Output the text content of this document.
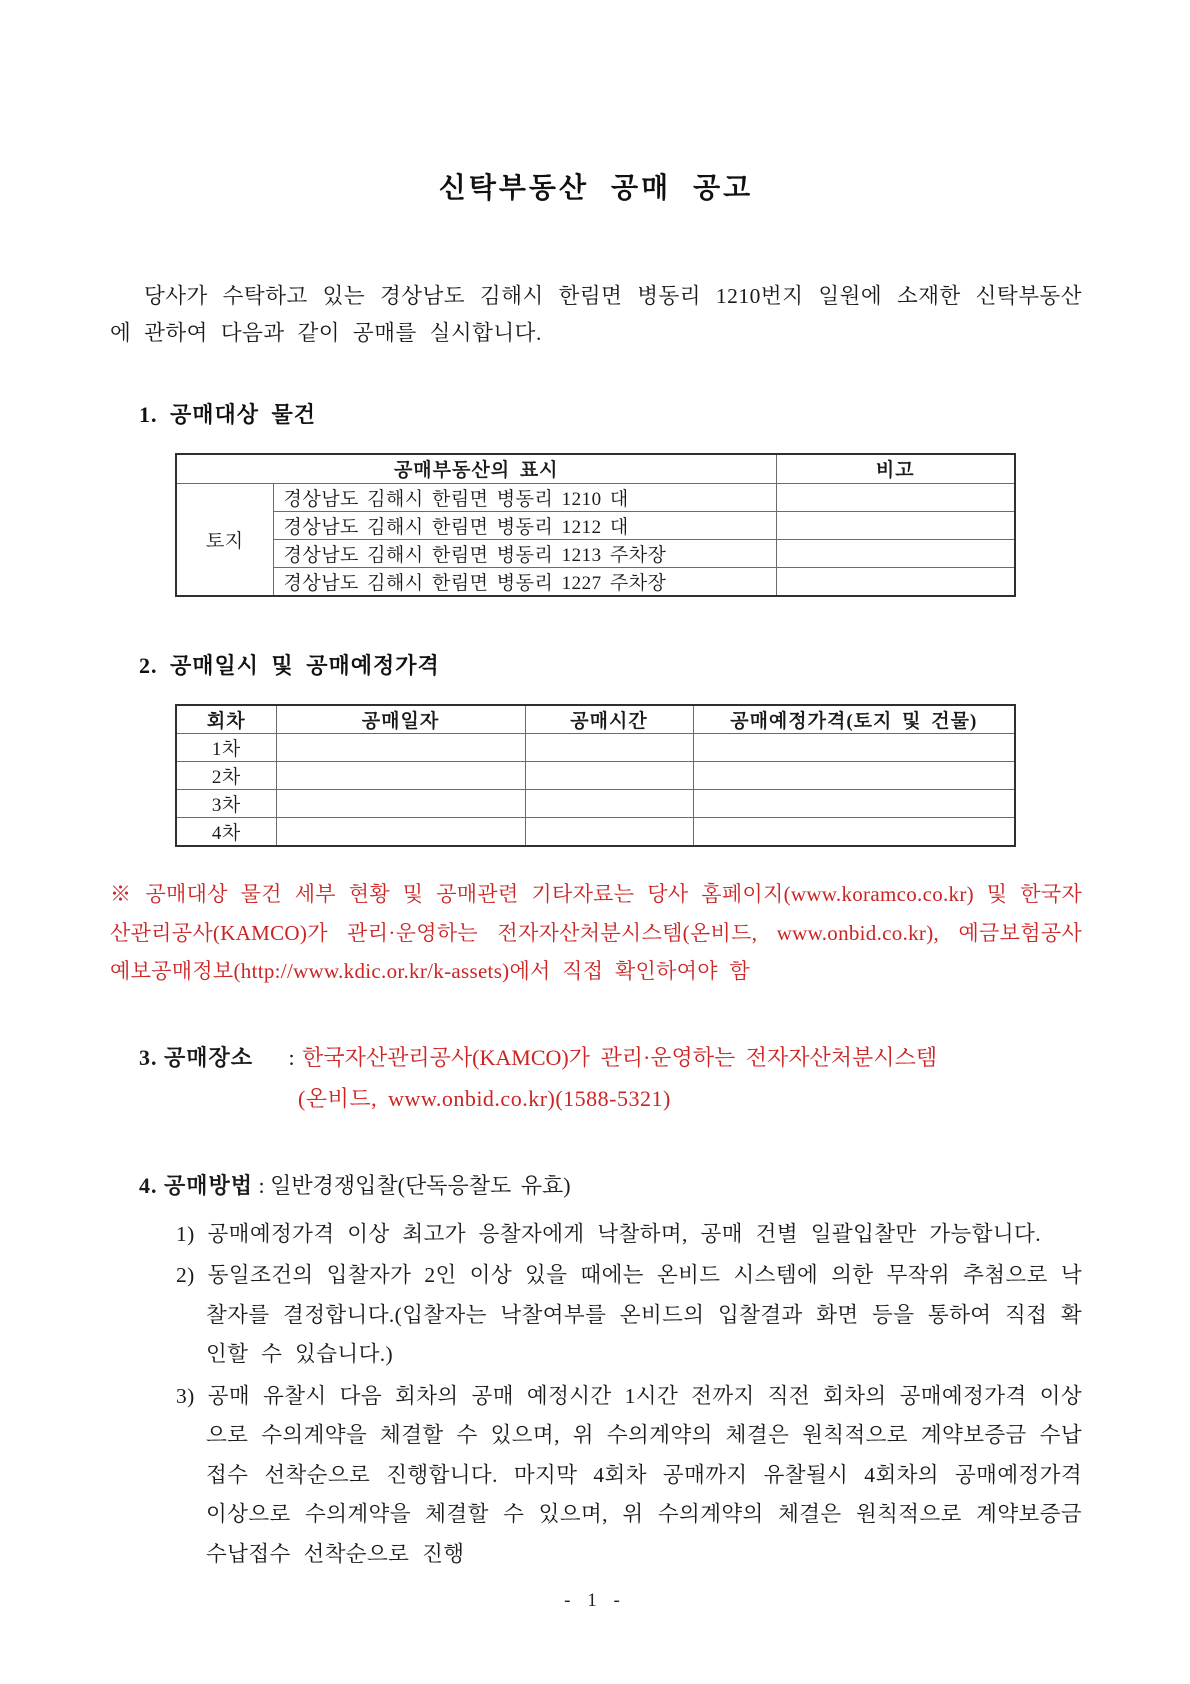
신탁부동산 공매 공고

당사가 수탁하고 있는 경상남도 김해시 한림면 병동리 1210번지 일원에 소재한 신탁부동산에 관하여 다음과 같이 공매를 실시합니다.

1. 공매대상 물건
공매부동산의 표시		비고
토지	경상남도 김해시 한림면 병동리 1210 대	
	경상남도 김해시 한림면 병동리 1212 대	
	경상남도 김해시 한림면 병동리 1213 주차장	
	경상남도 김해시 한림면 병동리 1227 주차장	
2. 공매일시 및 공매예정가격
회차	공매일자	공매시간	공매예정가격(토지 및 건물)
1차			
2차			
3차			
4차			

※ 공매대상 물건 세부 현황 및 공매관련 기타자료는 당사 홈페이지(www.koramco.co.kr) 및 한국자산관리공사(KAMCO)가 관리·운영하는 전자자산처분시스템(온비드, www.onbid.co.kr), 예금보험공사 예보공매정보(http://www.kdic.or.kr/k-assets)에서 직접 확인하여야 함

3. 공매장소 : 한국자산관리공사(KAMCO)가 관리·운영하는 전자자산처분시스템
(온비드, www.onbid.co.kr)(1588-5321)
4. 공매방법 : 일반경쟁입찰(단독응찰도 유효)

1) 공매예정가격 이상 최고가 응찰자에게 낙찰하며, 공매 건별 일괄입찰만 가능합니다.

2) 동일조건의 입찰자가 2인 이상 있을 때에는 온비드 시스템에 의한 무작위 추첨으로 낙찰자를 결정합니다.(입찰자는 낙찰여부를 온비드의 입찰결과 화면 등을 통하여 직접 확인할 수 있습니다.)

3) 공매 유찰시 다음 회차의 공매 예정시간 1시간 전까지 직전 회차의 공매예정가격 이상으로 수의계약을 체결할 수 있으며, 위 수의계약의 체결은 원칙적으로 계약보증금 수납접수 선착순으로 진행합니다. 마지막 4회차 공매까지 유찰될시 4회차의 공매예정가격 이상으로 수의계약을 체결할 수 있으며, 위 수의계약의 체결은 원칙적으로 계약보증금 수납접수 선착순으로 진행

- 1 -
